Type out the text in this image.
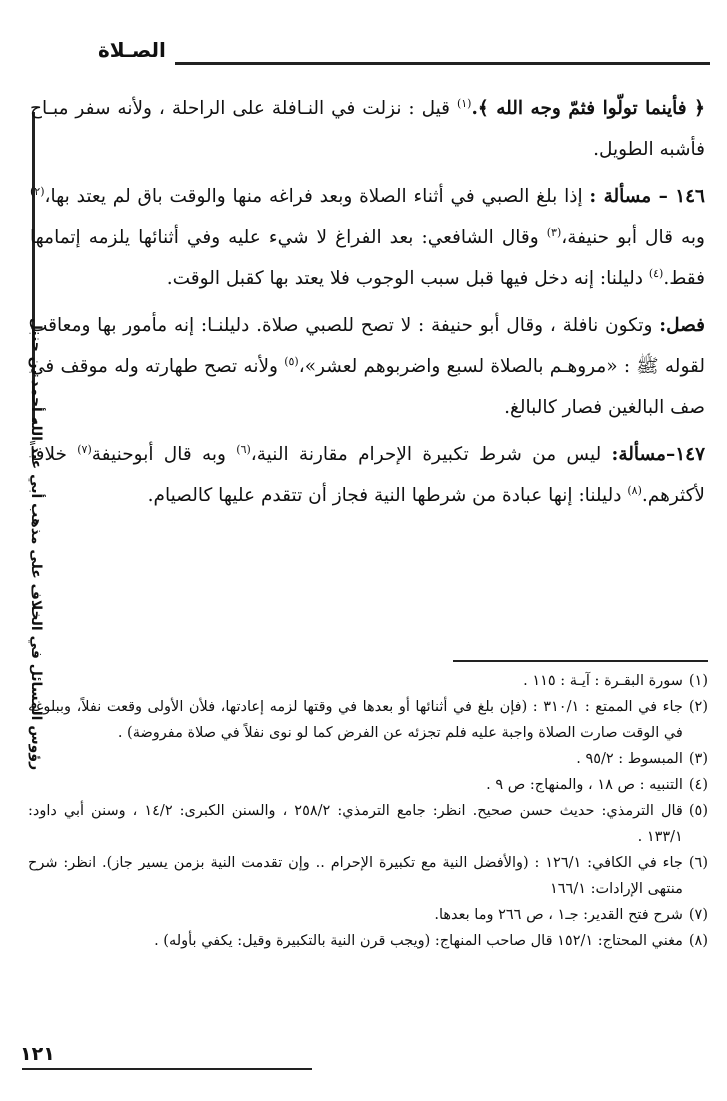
الصـلاة
رؤوس المسائل في الخلاف على مذهب أبي عبد الله أحمد بن حنبل

﴿ فأينما تولّوا فثمّ وجه الله ﴾.$^{(١)}$ قيل : نزلت في النـافلة على الراحلة ، ولأنه سفر مبـاح فأشبه الطويل.

١٤٦ – مسألة : إذا بلغ الصبي في أثناء الصلاة وبعد فراغه منها والوقت باق لم يعتد بها،$^{(٢)}$ وبه قال أبو حنيفة،$^{(٣)}$ وقال الشافعي: بعد الفراغ لا شيء عليه وفي أثنائها يلزمه إتمامها فقط.$^{(٤)}$ دليلنا: إنه دخل فيها قبل سبب الوجوب فلا يعتد بها كقبل الوقت.

فصل: وتكون نافلة ، وقال أبو حنيفة : لا تصح للصبي صلاة. دليلنـا: إنه مأمور بها ومعاقب لقوله ﷺ : «مروهـم بالصلاة لسبع واضربوهم لعشر»،$^{(٥)}$ ولأنه تصح طهارته وله موقف في صف البالغين فصار كالبالغ.

١٤٧–مسألة: ليس من شرط تكبيرة الإحرام مقارنة النية،$^{(٦)}$ وبه قال أبوحنيفة$^{(٧)}$ خلافاً لأكثرهم.$^{(٨)}$ دليلنا: إنها عبادة من شرطها النية فجاز أن تتقدم عليها كالصيام.

(١)
سورة البقـرة : آيـة : ١١٥ .
(٢)
جاء في الممتع : ٣١٠/١ : (فإن بلغ في أثنائها أو بعدها في وقتها لزمه إعادتها، فلأن الأولى وقعت نفلاً، وببلوغه في الوقت صارت الصلاة واجبة عليه فلم تجزئه عن الفرض كما لو نوى نفلاً في صلاة مفروضة) .
(٣)
المبسوط : ٩٥/٢ .
(٤)
التنبيه : ص ١٨ ، والمنهاج: ص ٩ .
(٥)
قال الترمذي: حديث حسن صحيح. انظر: جامع الترمذي: ٢٥٨/٢ ، والسنن الكبرى: ١٤/٢ ، وسنن أبي داود: ١٣٣/١ .
(٦)
جاء في الكافي: ١٢٦/١ : (والأفضل النية مع تكبيرة الإحرام .. وإن تقدمت النية بزمن يسير جاز). انظر: شرح منتهى الإرادات: ١٦٦/١
(٧)
شرح فتح القدير: جـ١ ، ص ٢٦٦ وما بعدها.
(٨)
مغني المحتاج: ١٥٢/١ قال صاحب المنهاج: (ويجب قرن النية بالتكبيرة وقيل: يكفي بأوله) .
١٢١
